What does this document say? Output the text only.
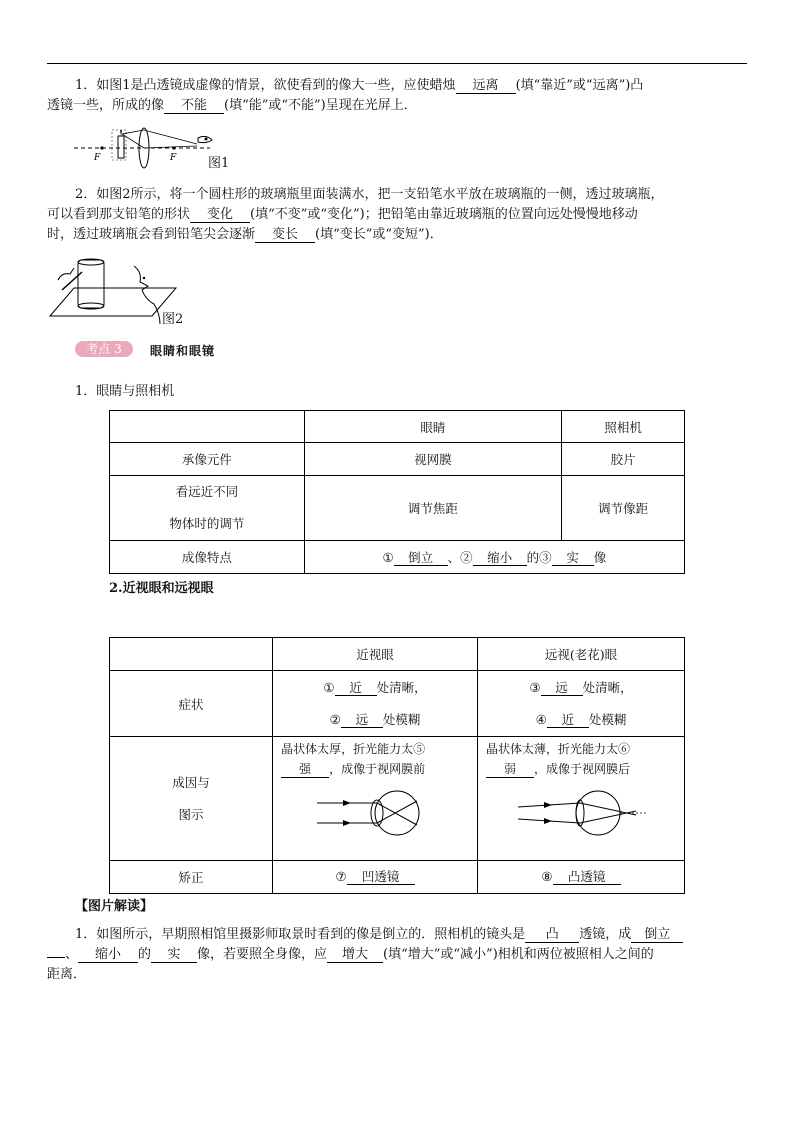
1．如图1是凸透镜成虚像的情景，欲使看到的像大一些，应使蜡烛 远离 (填“靠近”或“远离”)凸
透镜一些，所成的像 不能 (填“能”或“不能”)呈现在光屏上．
F	F 图1
2．如图2所示，将一个圆柱形的玻璃瓶里面装满水，把一支铅笔水平放在玻璃瓶的一侧，透过玻璃瓶，
可以看到那支铅笔的形状 变化 (填“不变”或“变化”)；把铅笔由靠近玻璃瓶的位置向远处慢慢地移动
时，透过玻璃瓶会看到铅笔尖会逐渐 变长 (填“变长”或“变短”)．
图2
考点 3	眼睛和眼镜
1．眼睛与照相机
	眼睛	照相机
承像元件	视网膜	胶片

看远近不同
物体时的调节	调节焦距	调节像距
成像特点	① 倒立 、② 缩小 的③ 实 像	
2.近视眼和远视眼
	近视眼	远视(老花)眼
症状	① 近 处清晰，
② 远 处模糊	③ 远 处清晰，
④ 近 处模糊

成因与
图示	晶状体太厚，折光能力太⑤
强 ，成像于视网膜前	晶状体太薄，折光能力太⑥
弱 ，成像于视网膜后

矫正	⑦ 凹透镜	⑧ 凸透镜
【图片解读】
1．如图所示，早期照相馆里摄影师取景时看到的像是倒立的．照相机的镜头是 凸 透镜，成 倒立
、 缩小 的 实 像，若要照全身像，应 增大 (填“增大”或“减小”)相机和两位被照相人之间的
距离．
